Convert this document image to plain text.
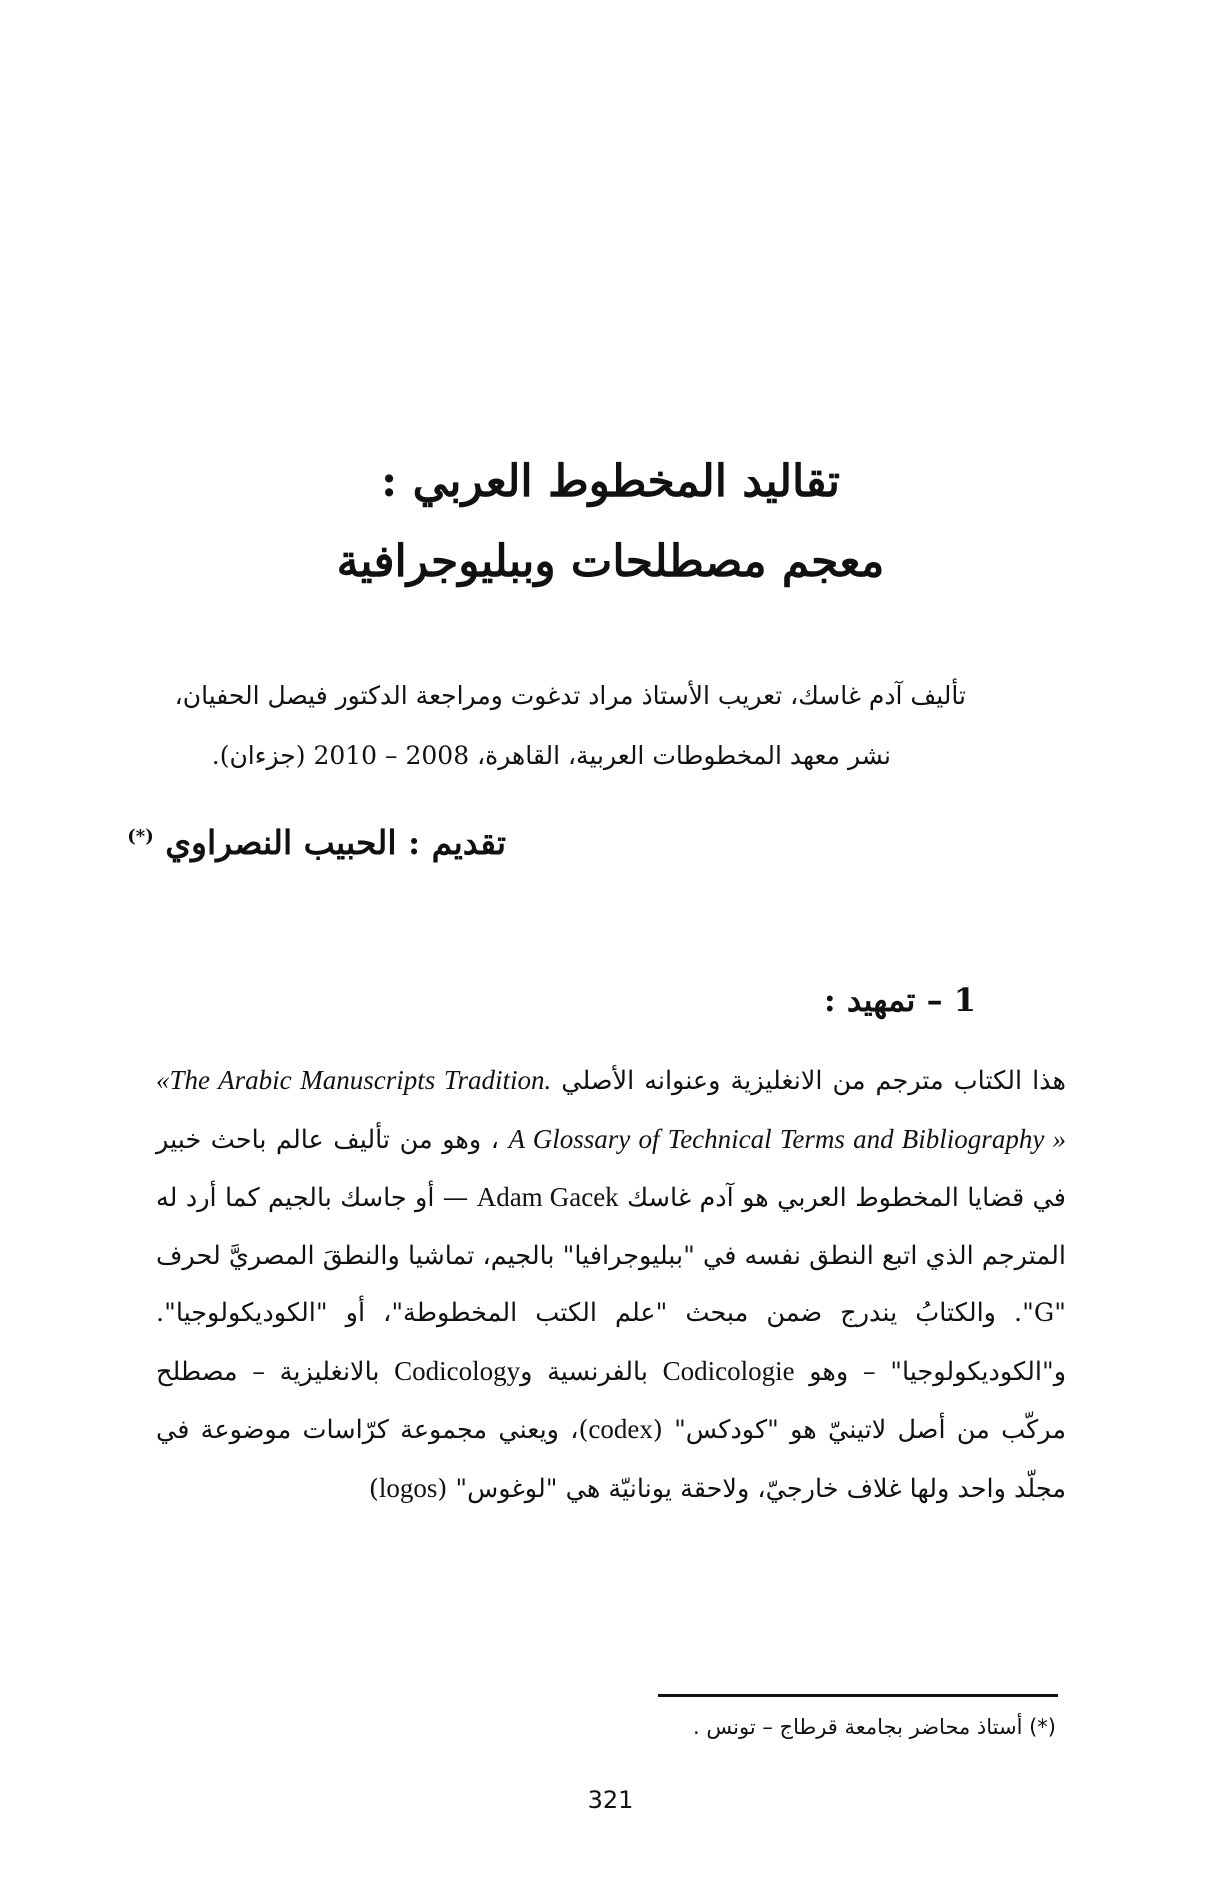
تقاليد المخطوط العربي :
معجم مصطلحات وببليوجرافية

تأليف آدم غاسك، تعريب الأستاذ مراد تدغوت ومراجعة الدكتور فيصل الحفيان،

نشر معهد المخطوطات العربية، القاهرة، 2008 – 2010 (جزءان).

تقديم : الحبيب النصراوي (*)
1 – تمهيد :

هذا الكتاب مترجم من الانغليزية وعنوانه الأصلي «The Arabic Manuscripts Tradition. A Glossary of Technical Terms and Bibliography » ، وهو من تأليف عالم باحث خبير في قضايا المخطوط العربي هو آدم غاسك Adam Gacek — أو جاسك بالجيم كما أرد له المترجم الذي اتبع النطق نفسه في "ببليوجرافيا" بالجيم، تماشيا والنطقَ المصريَّ لحرف "G". والكتابُ يندرج ضمن مبحث "علم الكتب المخطوطة"، أو "الكوديكولوجيا". و"الكوديكولوجيا" – وهو Codicologie بالفرنسية وCodicology بالانغليزية – مصطلح مركّب من أصل لاتينيّ هو "كودكس" (codex)، ويعني مجموعة كرّاسات موضوعة في مجلّد واحد ولها غلاف خارجيّ، ولاحقة يونانيّة هي "لوغوس" (logos)

(*) أستاذ محاضر بجامعة قرطاج – تونس .
321
